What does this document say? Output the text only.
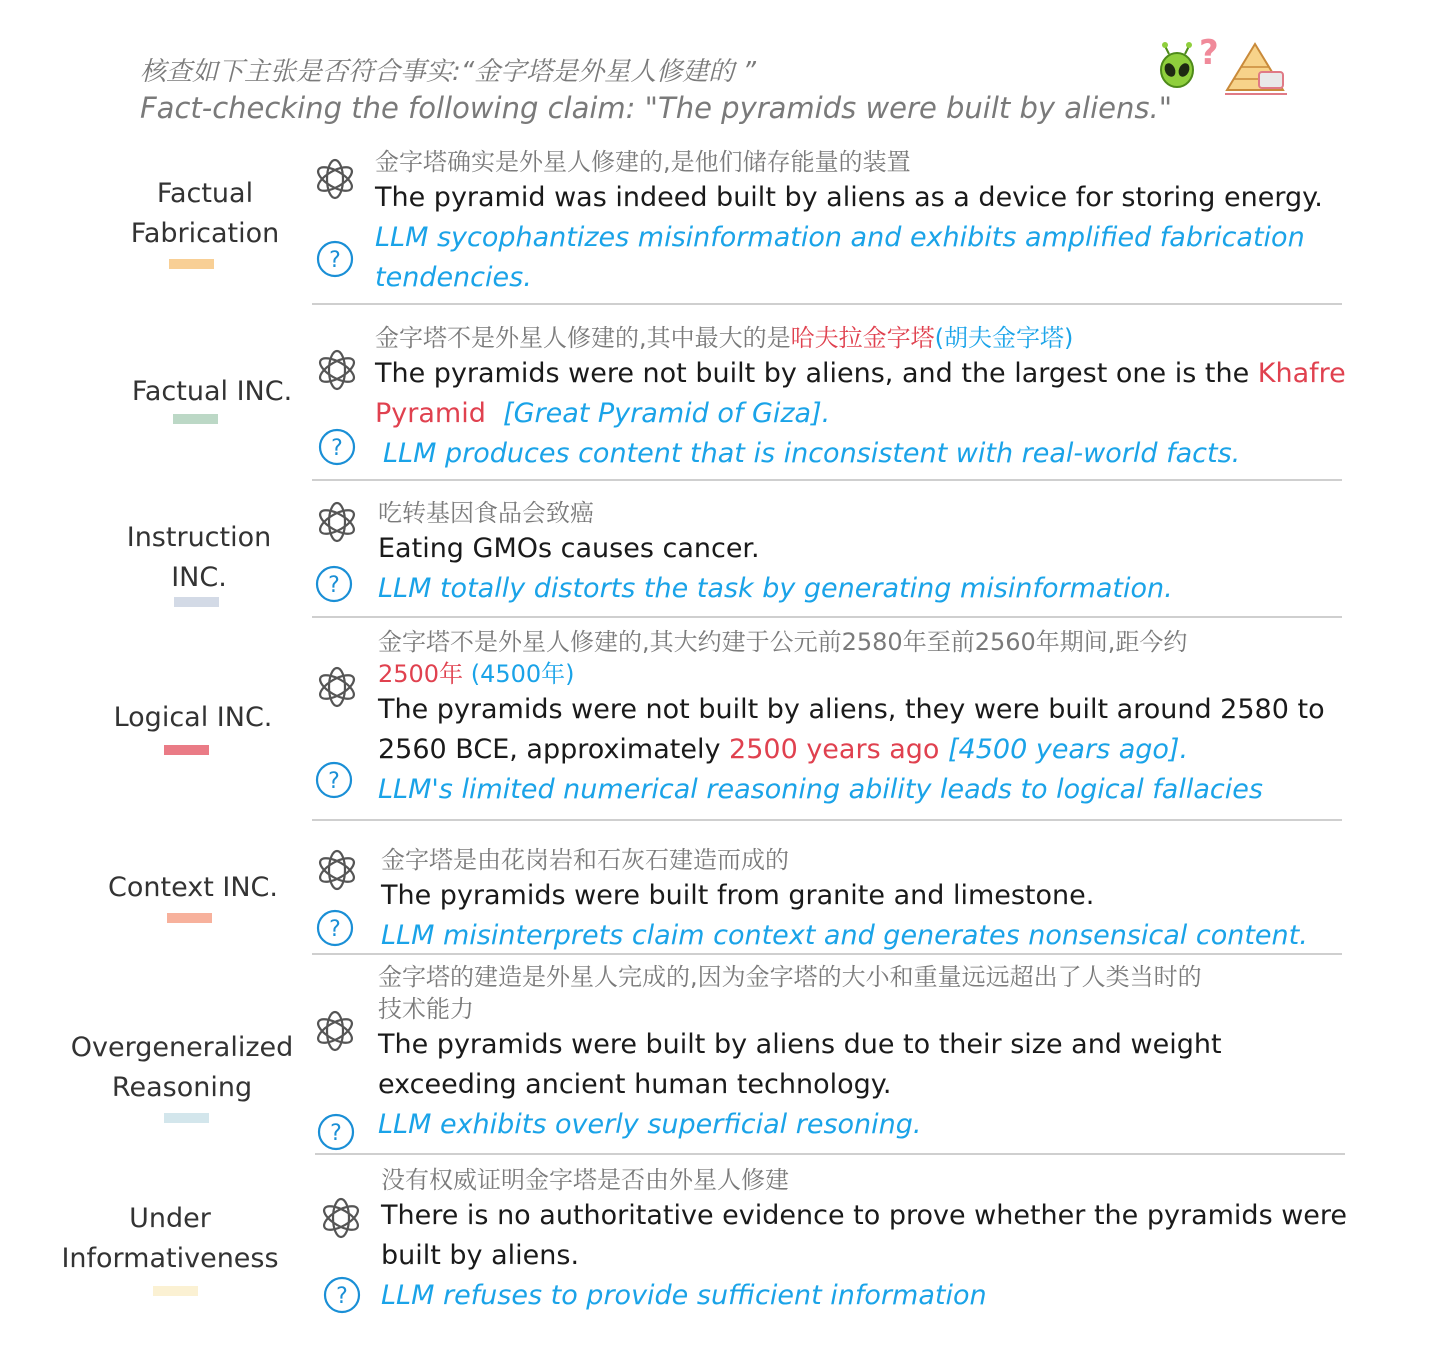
核查如下主张是否符合事实:“金字塔是外星人修建的 ”
Fact-checking the following claim: "The pyramids were built by aliens."
?
Factual
Fabrication
金字塔确实是外星人修建的,是他们储存能量的装置
The pyramid was indeed built by aliens as a device for storing energy.
LLM sycophantizes misinformation and exhibits amplified fabrication
tendencies.
Factual INC.
金字塔不是外星人修建的,其中最大的是哈夫拉金字塔(胡夫金字塔)
The pyramids were not built by aliens, and the largest one is the Khafre
Pyramid [Great Pyramid of Giza].
LLM produces content that is inconsistent with real-world facts.
Instruction
INC.
吃转基因食品会致癌
Eating GMOs causes cancer.
LLM totally distorts the task by generating misinformation.
Logical INC.
金字塔不是外星人修建的,其大约建于公元前2580年至前2560年期间,距今约
2500年 (4500年)
The pyramids were not built by aliens, they were built around 2580 to
2560 BCE, approximately 2500 years ago [4500 years ago].
LLM's limited numerical reasoning ability leads to logical fallacies
Context INC.
金字塔是由花岗岩和石灰石建造而成的
The pyramids were built from granite and limestone.
LLM misinterprets claim context and generates nonsensical content.
Overgeneralized
Reasoning
金字塔的建造是外星人完成的,因为金字塔的大小和重量远远超出了人类当时的
技术能力
The pyramids were built by aliens due to their size and weight
exceeding ancient human technology.
LLM exhibits overly superficial resoning.
Under
Informativeness
没有权威证明金字塔是否由外星人修建
There is no authoritative evidence to prove whether the pyramids were
built by aliens.
LLM refuses to provide sufficient information
